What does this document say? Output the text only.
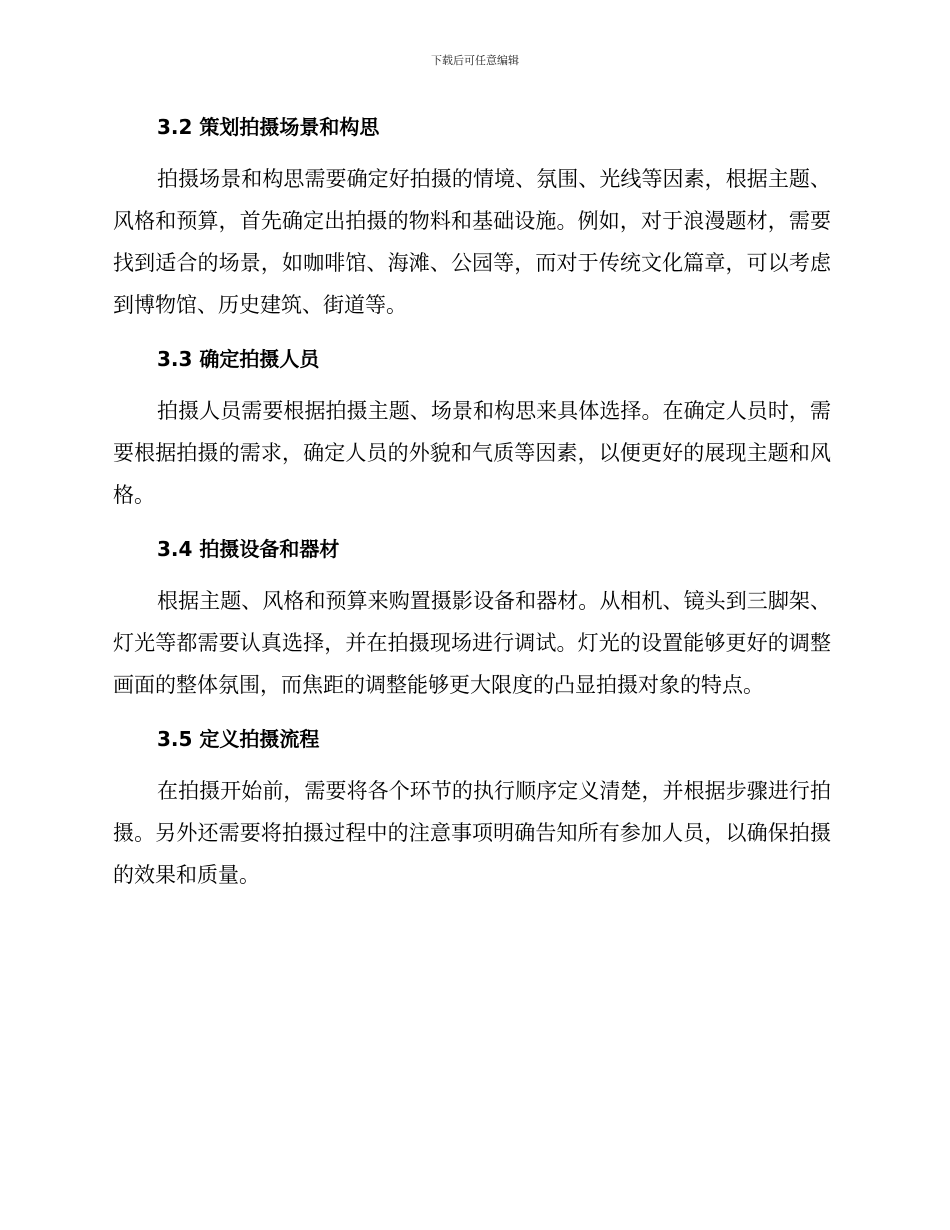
下载后可任意编辑
3.2 策划拍摄场景和构思

拍摄场景和构思需要确定好拍摄的情境、氛围、光线等因素，根据主题、风格和预算，首先确定出拍摄的物料和基础设施。例如，对于浪漫题材，需要找到适合的场景，如咖啡馆、海滩、公园等，而对于传统文化篇章，可以考虑到博物馆、历史建筑、街道等。

3.3 确定拍摄人员

拍摄人员需要根据拍摄主题、场景和构思来具体选择。在确定人员时，需要根据拍摄的需求，确定人员的外貌和气质等因素，以便更好的展现主题和风格。

3.4 拍摄设备和器材

根据主题、风格和预算来购置摄影设备和器材。从相机、镜头到三脚架、灯光等都需要认真选择，并在拍摄现场进行调试。灯光的设置能够更好的调整画面的整体氛围，而焦距的调整能够更大限度的凸显拍摄对象的特点。

3.5 定义拍摄流程

在拍摄开始前，需要将各个环节的执行顺序定义清楚，并根据步骤进行拍摄。另外还需要将拍摄过程中的注意事项明确告知所有参加人员，以确保拍摄的效果和质量。
